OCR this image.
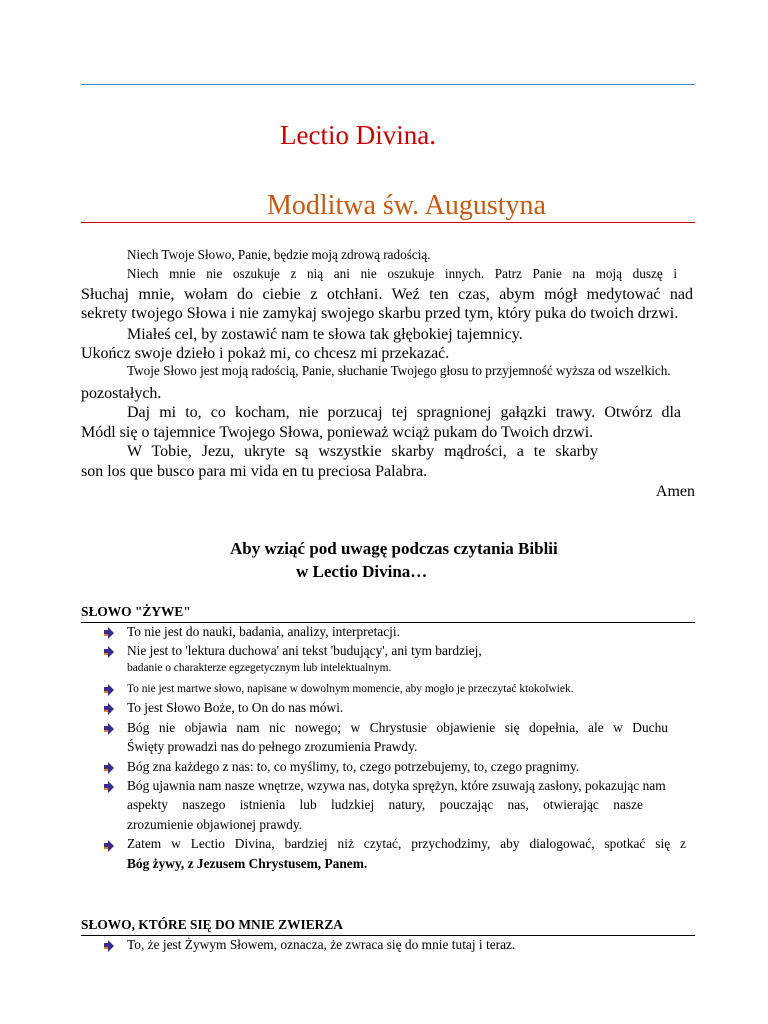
Lectio Divina.
Modlitwa św. Augustyna
Niech Twoje Słowo, Panie, będzie moją zdrową radością.
Niech mnie nie oszukuje z nią ani nie oszukuje innych. Patrz Panie na moją duszę i
Słuchaj mnie, wołam do ciebie z otchłani. Weź ten czas, abym mógł medytować nad
sekrety twojego Słowa i nie zamykaj swojego skarbu przed tym, który puka do twoich drzwi.
Miałeś cel, by zostawić nam te słowa tak głębokiej tajemnicy.
Ukończ swoje dzieło i pokaż mi, co chcesz mi przekazać.
Twoje Słowo jest moją radością, Panie, słuchanie Twojego głosu to przyjemność wyższa od wszelkich.
pozostałych.
Daj mi to, co kocham, nie porzucaj tej spragnionej gałązki trawy. Otwórz dla
Módl się o tajemnice Twojego Słowa, ponieważ wciąż pukam do Twoich drzwi.
W Tobie, Jezu, ukryte są wszystkie skarby mądrości, a te skarby
son los que busco para mi vida en tu preciosa Palabra.
Amen
Aby wziąć pod uwagę podczas czytania Biblii
w Lectio Divina…
SŁOWO "ŻYWE"
To nie jest do nauki, badania, analizy, interpretacji.
Nie jest to 'lektura duchowa' ani tekst 'budujący', ani tym bardziej,
badanie o charakterze egzegetycznym lub intelektualnym.
To nie jest martwe słowo, napisane w dowolnym momencie, aby mogło je przeczytać ktokolwiek.
To jest Słowo Boże, to On do nas mówi.
Bóg nie objawia nam nic nowego; w Chrystusie objawienie się dopełnia, ale w Duchu
Święty prowadzi nas do pełnego zrozumienia Prawdy.
Bóg zna każdego z nas: to, co myślimy, to, czego potrzebujemy, to, czego pragnimy.
Bóg ujawnia nam nasze wnętrze, wzywa nas, dotyka sprężyn, które zsuwają zasłony, pokazując nam
aspekty naszego istnienia lub ludzkiej natury, pouczając nas, otwierając nasze
zrozumienie objawionej prawdy.
Zatem w Lectio Divina, bardziej niż czytać, przychodzimy, aby dialogować, spotkać się z
Bóg żywy, z Jezusem Chrystusem, Panem.
SŁOWO, KTÓRE SIĘ DO MNIE ZWIERZA
To, że jest Żywym Słowem, oznacza, że zwraca się do mnie tutaj i teraz.
